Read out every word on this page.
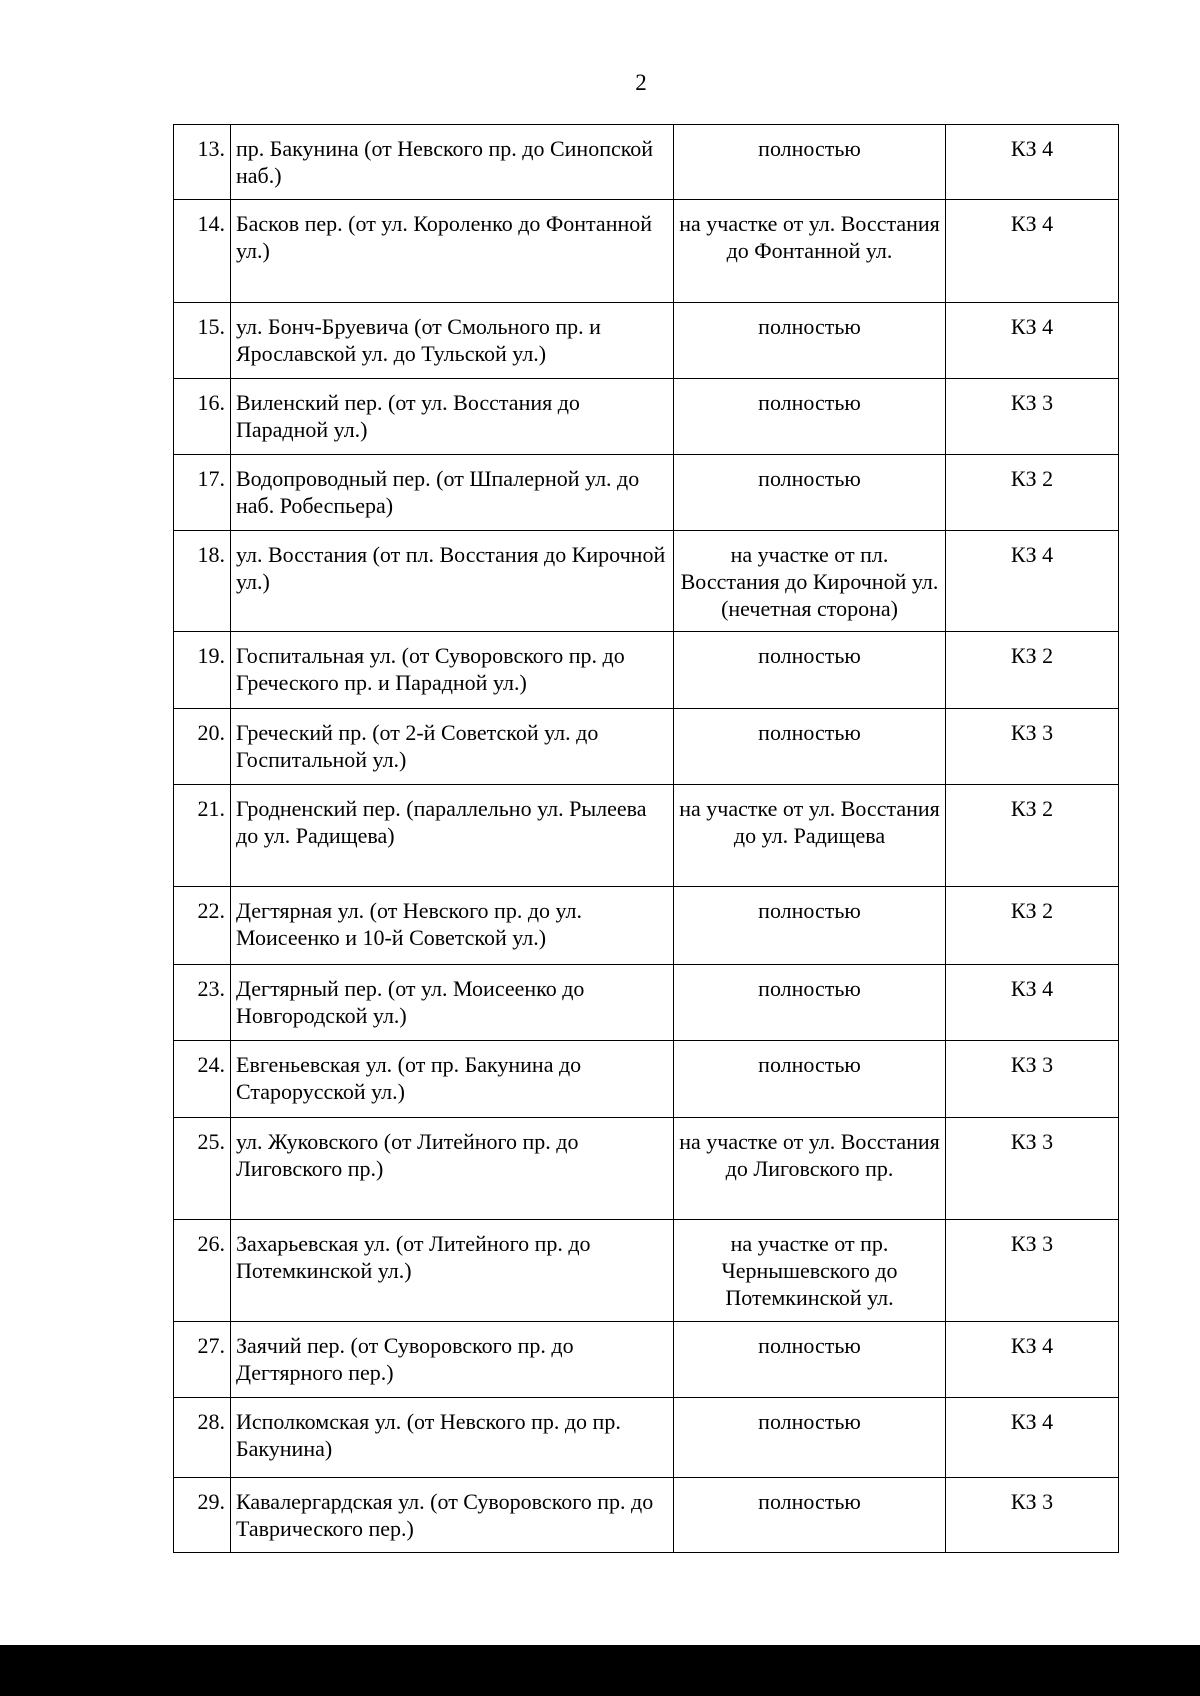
2
13.	пр. Бакунина (от Невского пр. до Синопской наб.)	полностью	КЗ 4
14.	Басков пер. (от ул. Короленко до Фонтанной ул.)	на участке от ул. Восстания до Фонтанной ул.	КЗ 4
15.	ул. Бонч-Бруевича (от Смольного пр. и Ярославской ул. до Тульской ул.)	полностью	КЗ 4
16.	Виленский пер. (от ул. Восстания до Парадной ул.)	полностью	КЗ 3
17.	Водопроводный пер. (от Шпалерной ул. до наб. Робеспьера)	полностью	КЗ 2
18.	ул. Восстания (от пл. Восстания до Кирочной ул.)	на участке от пл. Восстания до Кирочной ул. (нечетная сторона)	КЗ 4
19.	Госпитальная ул. (от Суворовского пр. до Греческого пр. и Парадной ул.)	полностью	КЗ 2
20.	Греческий пр. (от 2-й Советской ул. до Госпитальной ул.)	полностью	КЗ 3
21.	Гродненский пер. (параллельно ул. Рылеева до ул. Радищева)	на участке от ул. Восстания до ул. Радищева	КЗ 2
22.	Дегтярная ул. (от Невского пр. до ул. Моисеенко и 10-й Советской ул.)	полностью	КЗ 2
23.	Дегтярный пер. (от ул. Моисеенко до Новгородской ул.)	полностью	КЗ 4
24.	Евгеньевская ул. (от пр. Бакунина до Старорусской ул.)	полностью	КЗ 3
25.	ул. Жуковского (от Литейного пр. до Лиговского пр.)	на участке от ул. Восстания до Лиговского пр.	КЗ 3
26.	Захарьевская ул. (от Литейного пр. до Потемкинской ул.)	на участке от пр. Чернышевского до Потемкинской ул.	КЗ 3
27.	Заячий пер. (от Суворовского пр. до Дегтярного пер.)	полностью	КЗ 4
28.	Исполкомская ул. (от Невского пр. до пр. Бакунина)	полностью	КЗ 4
29.	Кавалергардская ул. (от Суворовского пр. до Таврического пер.)	полностью	КЗ 3
